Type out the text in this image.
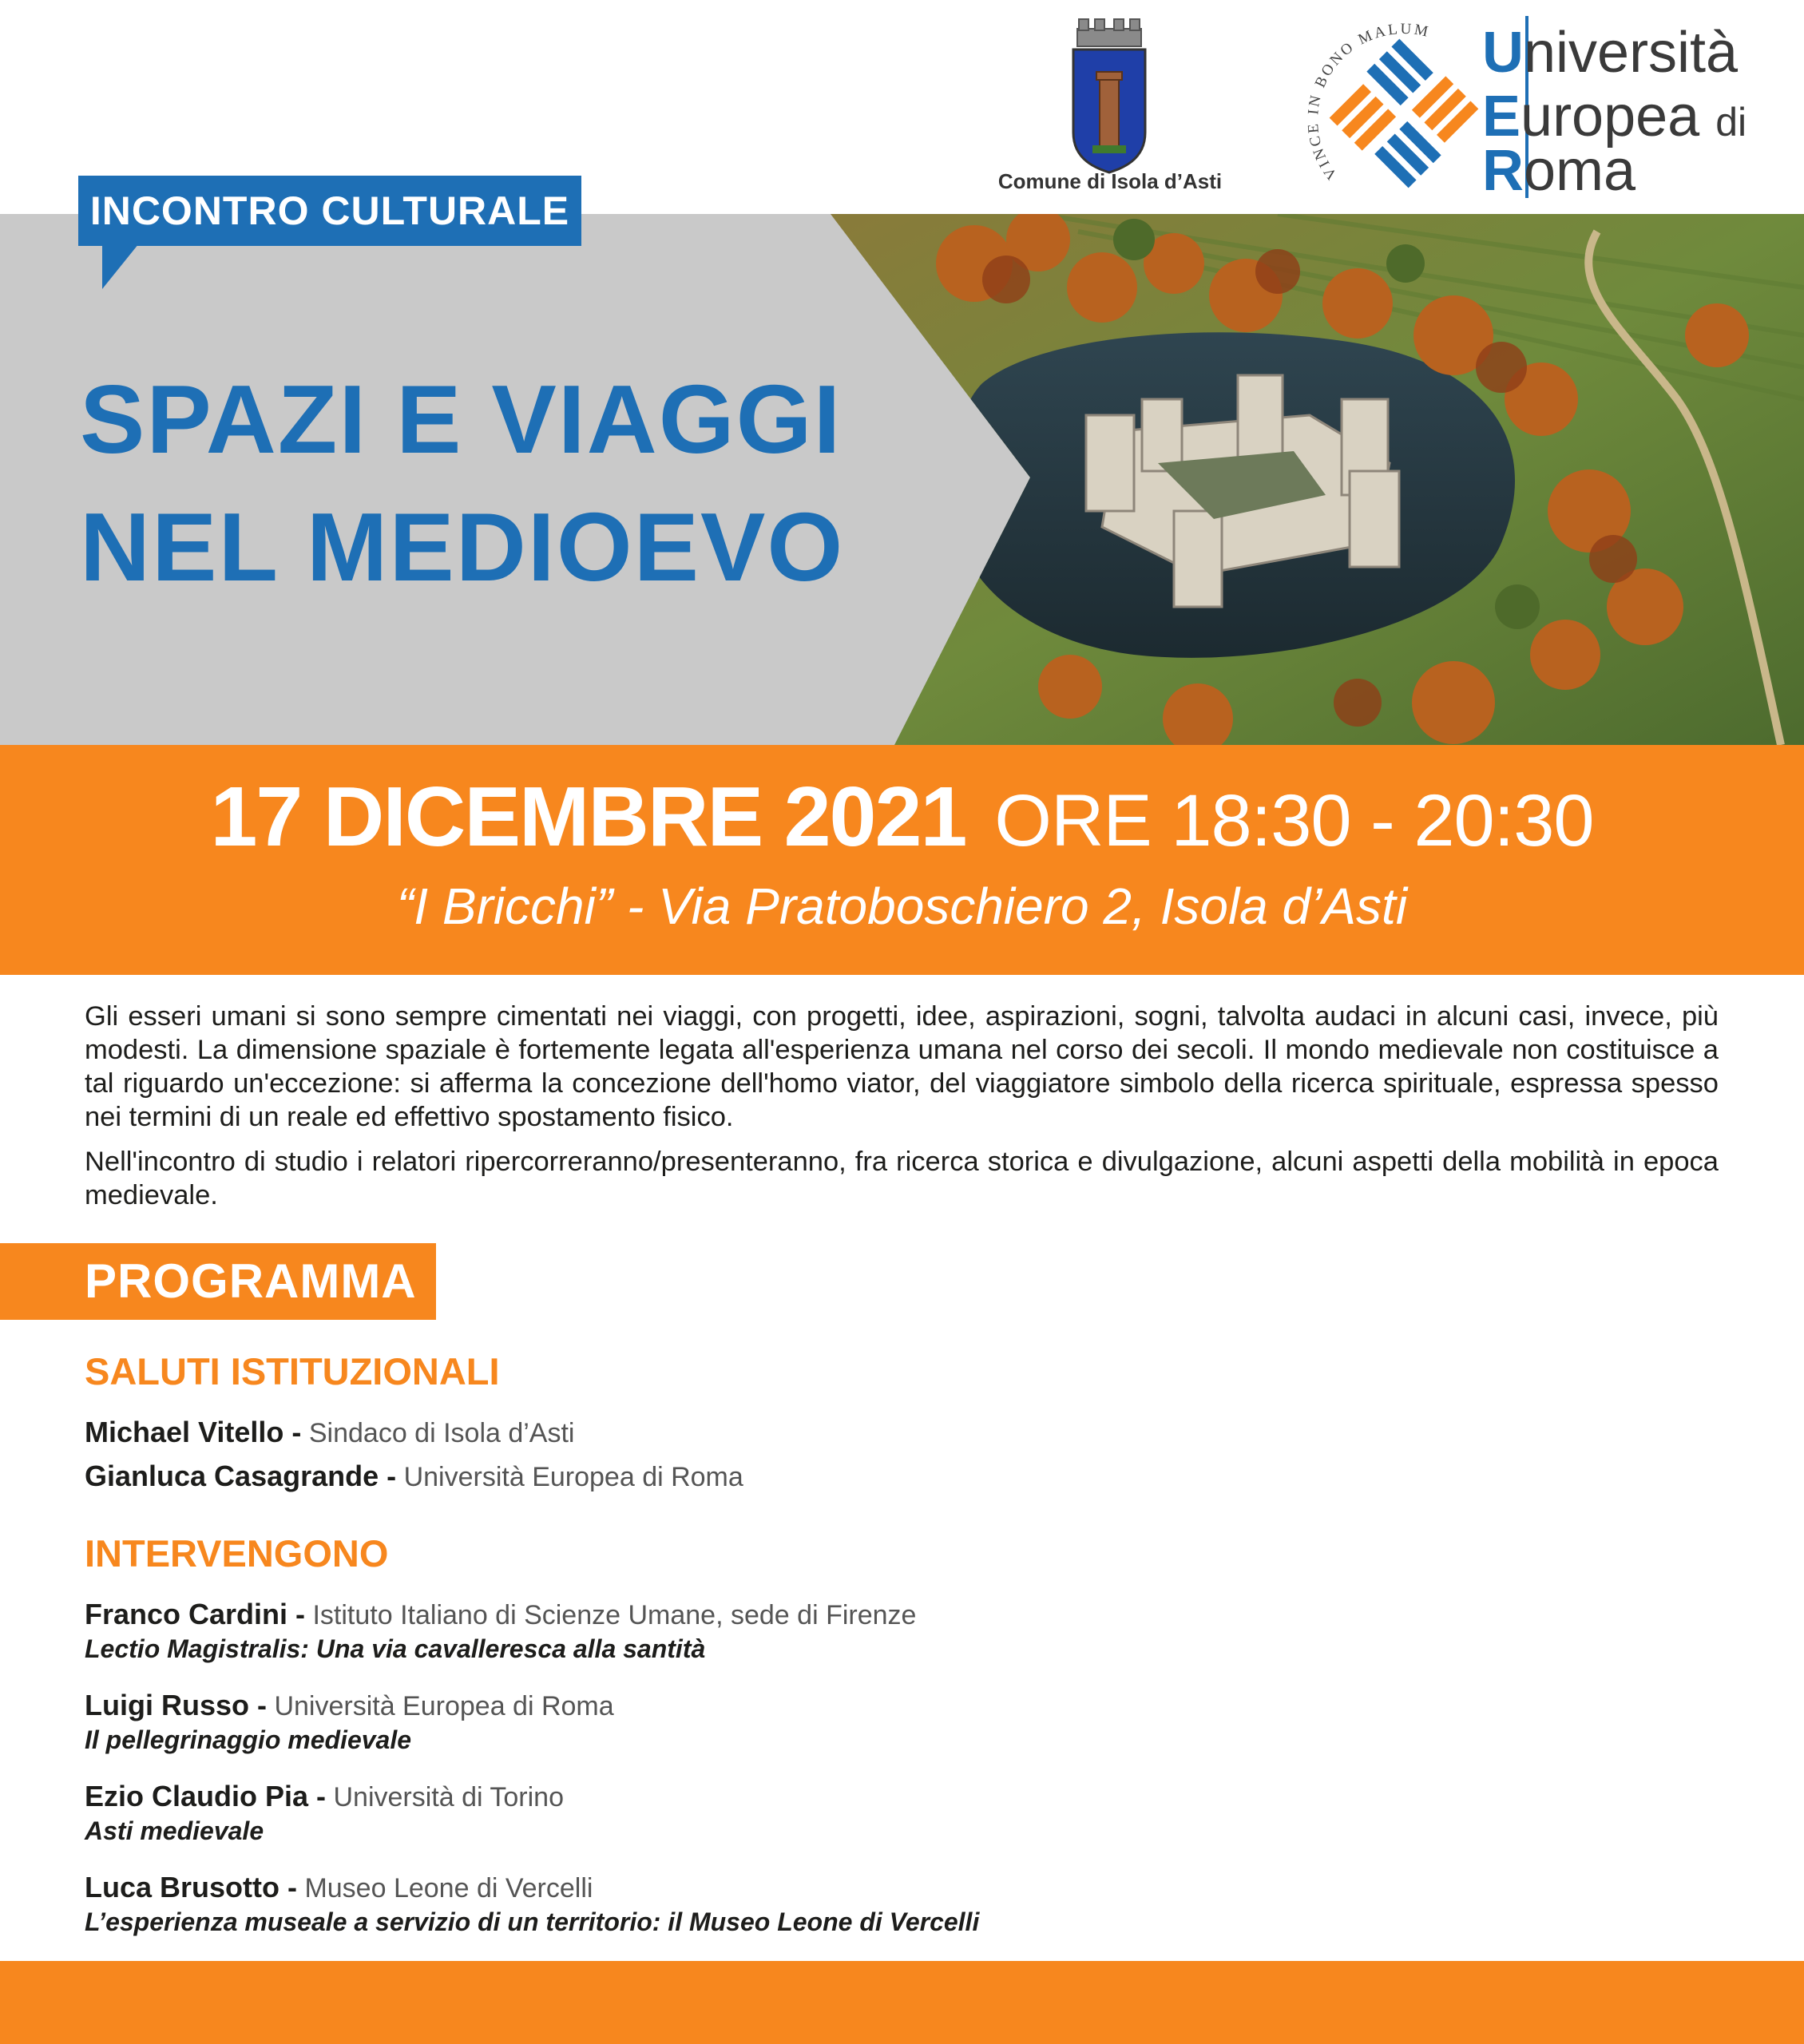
INCONTRO CULTURALE
SPAZI E VIAGGI
NEL MEDIOEVO
Comune di Isola d’Asti	VINCE IN BONO MALUM Università
Europea di
Roma
17 DICEMBRE 2021 ORE 18:30 - 20:30
“I Bricchi” - Via Pratoboschiero 2, Isola d’Asti
Gli esseri umani si sono sempre cimentati nei viaggi, con progetti, idee, aspirazioni, sogni, talvolta audaci in alcuni casi, invece, più modesti. La dimensione spaziale è fortemente legata all'esperienza umana nel corso dei secoli. Il mondo medievale non costituisce a tal riguardo un'eccezione: si afferma la concezione dell'homo viator, del viaggiatore simbolo della ricerca spirituale, espressa spesso nei termini di un reale ed effettivo spostamento fisico.
Nell'incontro di studio i relatori ripercorreranno/presenteranno, fra ricerca storica e divulgazione, alcuni aspetti della mobilità in epoca medievale.
PROGRAMMA
SALUTI ISTITUZIONALI
Michael Vitello - Sindaco di Isola d’Asti
Gianluca Casagrande - Università Europea di Roma
INTERVENGONO
Franco Cardini - Istituto Italiano di Scienze Umane, sede di Firenze
Lectio Magistralis: Una via cavalleresca alla santità
Luigi Russo - Università Europea di Roma
Il pellegrinaggio medievale
Ezio Claudio Pia - Università di Torino
Asti medievale
Luca Brusotto - Museo Leone di Vercelli
L’esperienza museale a servizio di un territorio: il Museo Leone di Vercelli
